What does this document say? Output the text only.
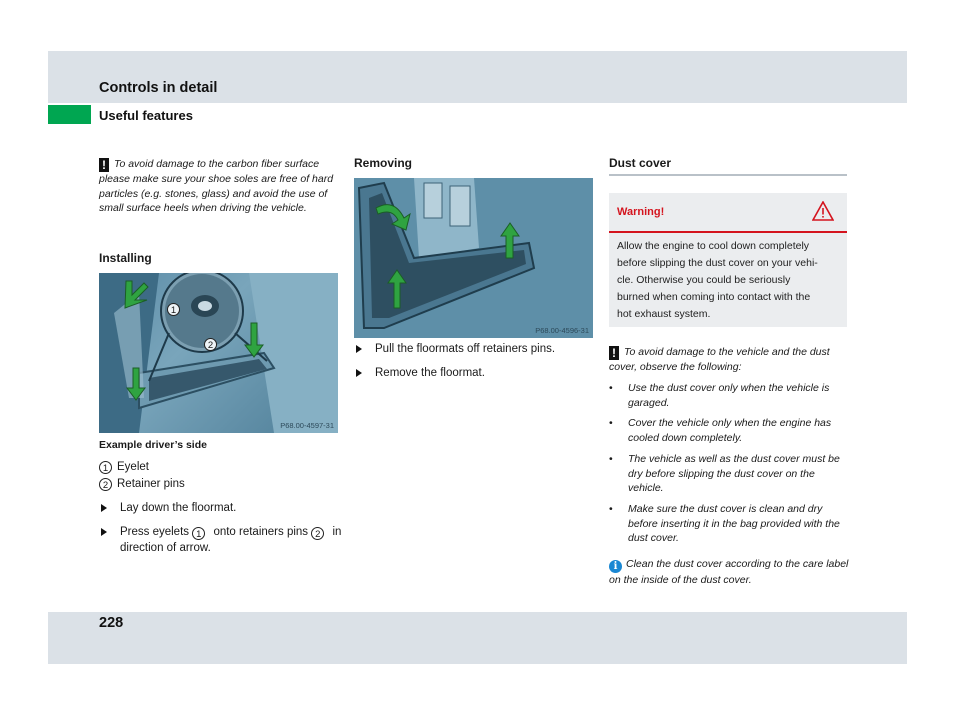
Controls in detail
Useful features
! To avoid damage to the carbon fiber surface please make sure your shoe soles are free of hard particles (e.g. stones, glass) and avoid the use of small surface heels when driving the vehicle.
Installing
1
2
P68.00-4597-31
Example driver’s side
1 Eyelet
2 Retainer pins
Lay down the floormat.
Press eyelets 1 onto retainers pins 2 in direction of arrow.
Removing
P68.00-4596-31
Pull the floormats off retainers pins.
Remove the floormat.
Dust cover
Warning!
Allow the engine to cool down completely
before slipping the dust cover on your vehi-
cle. Otherwise you could be seriously
burned when coming into contact with the
hot exhaust system.
! To avoid damage to the vehicle and the dust cover, observe the following:
•	Use the dust cover only when the vehicle is garaged.
•	Cover the vehicle only when the engine has cooled down completely.
•	The vehicle as well as the dust cover must be dry before slipping the dust cover on the vehicle.
•	Make sure the dust cover is clean and dry before inserting it in the bag provided with the dust cover.
i Clean the dust cover according to the care label on the inside of the dust cover.
228
